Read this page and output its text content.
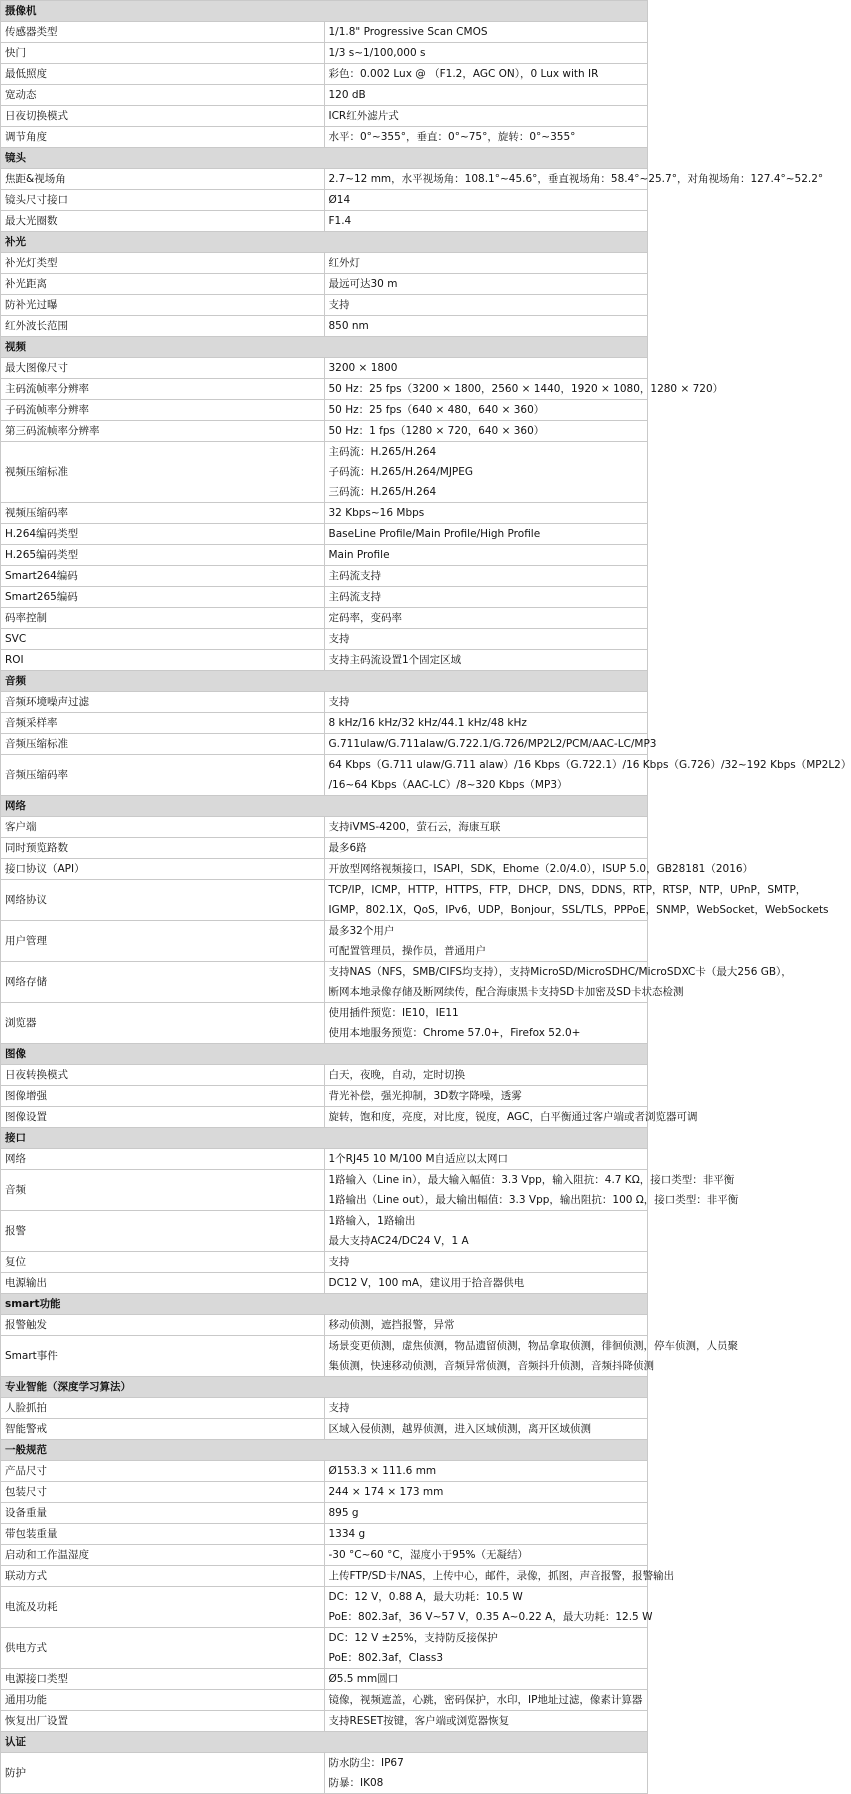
摄像机	
传感器类型	1/1.8" Progressive Scan CMOS

快门	1/3 s~1/100,000 s

最低照度	彩色：0.002 Lux @ （F1.2，AGC ON），0 Lux with IR

宽动态	120 dB

日夜切换模式	ICR红外滤片式

调节角度	水平：0°~355°，垂直：0°~75°，旋转：0°~355°

镜头	
焦距&视场角	2.7~12 mm，水平视场角：108.1°~45.6°，垂直视场角：58.4°~25.7°，对角视场角：127.4°~52.2°

镜头尺寸接口	Ø14

最大光圈数	F1.4

补光	
补光灯类型	红外灯

补光距离	最远可达30 m

防补光过曝	支持

红外波长范围	850 nm

视频	
最大图像尺寸	3200 × 1800

主码流帧率分辨率	50 Hz：25 fps（3200 × 1800，2560 × 1440，1920 × 1080，1280 × 720）

子码流帧率分辨率	50 Hz：25 fps（640 × 480，640 × 360）

第三码流帧率分辨率	50 Hz：1 fps（1280 × 720，640 × 360）

视频压缩标准	主码流：H.265/H.264
子码流：H.265/H.264/MJPEG
三码流：H.265/H.264

视频压缩码率	32 Kbps~16 Mbps

H.264编码类型	BaseLine Profile/Main Profile/High Profile

H.265编码类型	Main Profile

Smart264编码	主码流支持

Smart265编码	主码流支持

码率控制	定码率，变码率

SVC	支持

ROI	支持主码流设置1个固定区域

音频	
音频环境噪声过滤	支持

音频采样率	8 kHz/16 kHz/32 kHz/44.1 kHz/48 kHz

音频压缩标准	G.711ulaw/G.711alaw/G.722.1/G.726/MP2L2/PCM/AAC-LC/MP3

音频压缩码率	64 Kbps（G.711 ulaw/G.711 alaw）/16 Kbps（G.722.1）/16 Kbps（G.726）/32~192 Kbps（MP2L2）
/16~64 Kbps（AAC-LC）/8~320 Kbps（MP3）

网络	
客户端	支持iVMS-4200，萤石云，海康互联

同时预览路数	最多6路

接口协议（API）	开放型网络视频接口，ISAPI，SDK，Ehome（2.0/4.0），ISUP 5.0，GB28181（2016）

网络协议	TCP/IP，ICMP，HTTP，HTTPS，FTP，DHCP，DNS，DDNS，RTP，RTSP，NTP，UPnP，SMTP，
IGMP，802.1X，QoS，IPv6，UDP，Bonjour，SSL/TLS，PPPoE，SNMP，WebSocket，WebSockets

用户管理	最多32个用户
可配置管理员，操作员，普通用户

网络存储	支持NAS（NFS，SMB/CIFS均支持），支持MicroSD/MicroSDHC/MicroSDXC卡（最大256 GB），
断网本地录像存储及断网续传，配合海康黑卡支持SD卡加密及SD卡状态检测

浏览器	使用插件预览：IE10，IE11
使用本地服务预览：Chrome 57.0+，Firefox 52.0+

图像	
日夜转换模式	白天，夜晚，自动，定时切换

图像增强	背光补偿，强光抑制，3D数字降噪，透雾

图像设置	旋转，饱和度，亮度，对比度，锐度，AGC，白平衡通过客户端或者浏览器可调

接口	
网络	1个RJ45 10 M/100 M自适应以太网口

音频	1路输入（Line in），最大输入幅值：3.3 Vpp，输入阻抗：4.7 KΩ，接口类型：非平衡
1路输出（Line out），最大输出幅值：3.3 Vpp，输出阻抗：100 Ω，接口类型：非平衡

报警	1路输入，1路输出
最大支持AC24/DC24 V，1 A

复位	支持

电源输出	DC12 V，100 mA，建议用于拾音器供电

smart功能	
报警触发	移动侦测，遮挡报警，异常

Smart事件	场景变更侦测，虚焦侦测，物品遗留侦测，物品拿取侦测，徘徊侦测，停车侦测，人员聚
集侦测，快速移动侦测，音频异常侦测，音频抖升侦测，音频抖降侦测

专业智能（深度学习算法）	
人脸抓拍	支持

智能警戒	区域入侵侦测，越界侦测，进入区域侦测，离开区域侦测

一般规范	
产品尺寸	Ø153.3 × 111.6 mm

包装尺寸	244 × 174 × 173 mm

设备重量	895 g

带包装重量	1334 g

启动和工作温湿度	-30 °C~60 °C，湿度小于95%（无凝结）

联动方式	上传FTP/SD卡/NAS，上传中心，邮件，录像，抓图，声音报警，报警输出

电流及功耗	DC：12 V，0.88 A，最大功耗：10.5 W
PoE：802.3af，36 V~57 V，0.35 A~0.22 A，最大功耗：12.5 W

供电方式	DC：12 V ±25%，支持防反接保护
PoE：802.3af，Class3

电源接口类型	Ø5.5 mm圆口

通用功能	镜像，视频遮盖，心跳，密码保护，水印，IP地址过滤，像素计算器

恢复出厂设置	支持RESET按键，客户端或浏览器恢复

认证	
防护	防水防尘：IP67
防暴：IK08
